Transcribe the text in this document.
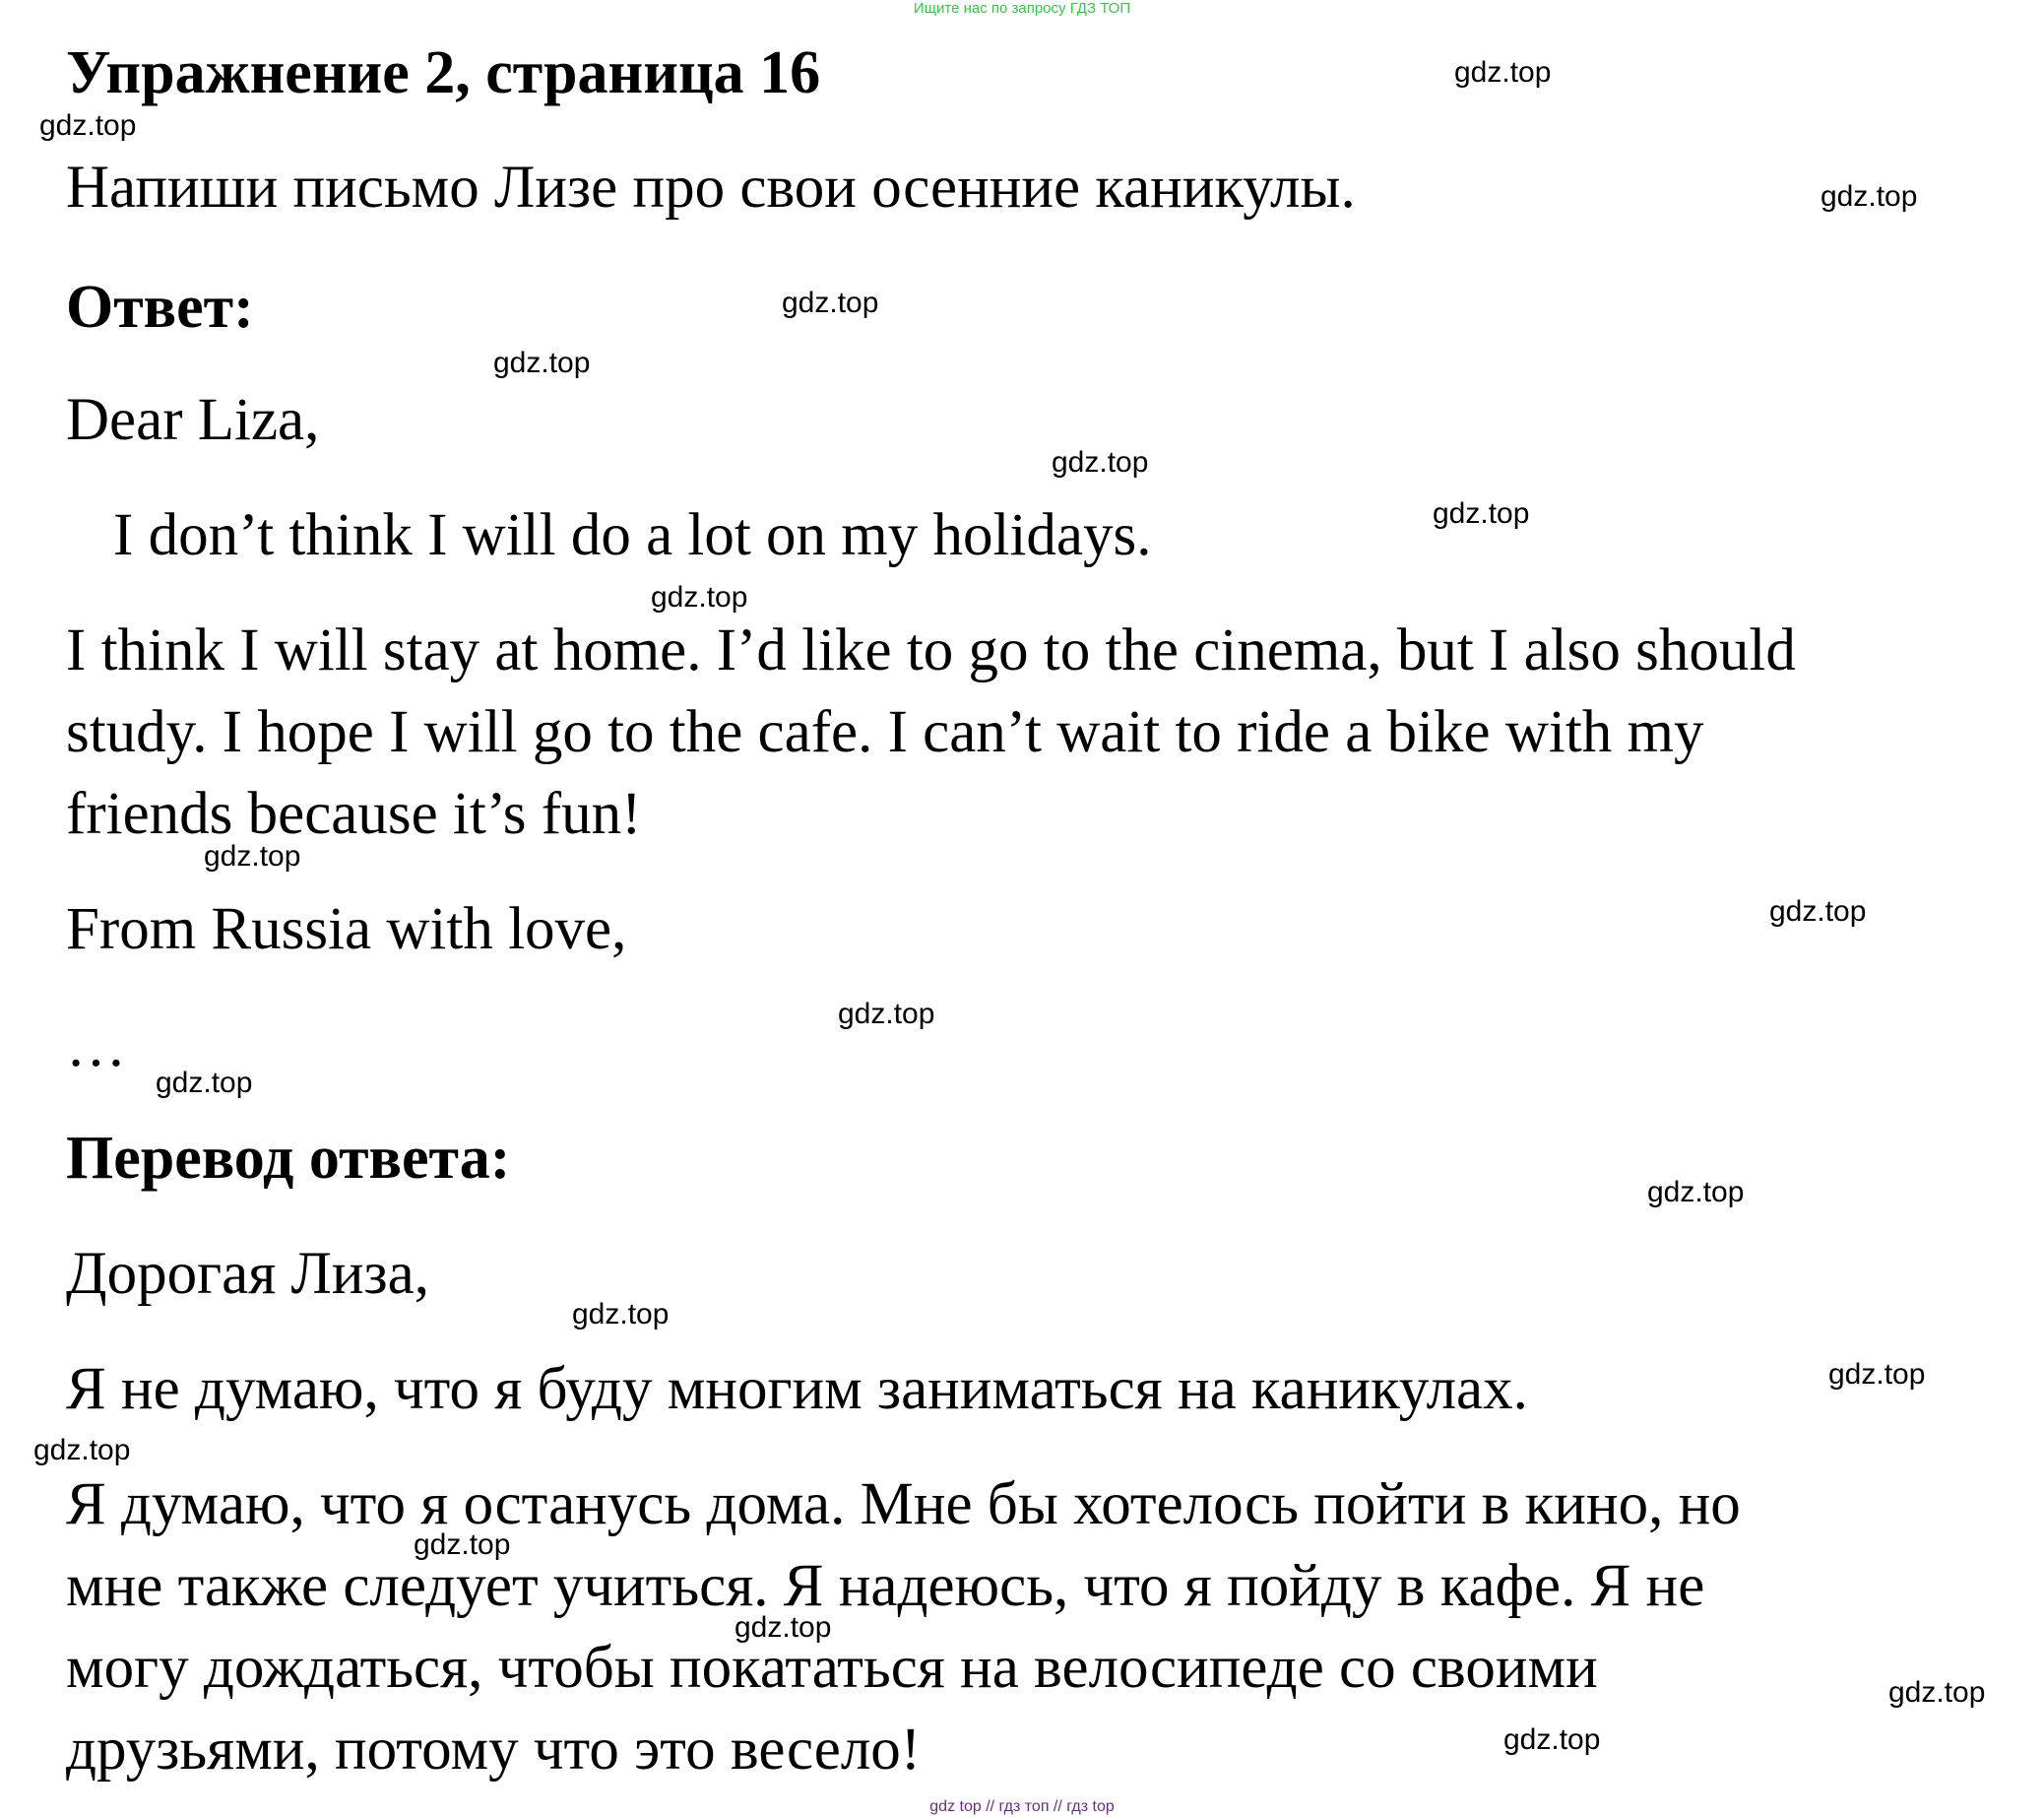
Ищите нас по запросу ГДЗ ТОП
Упражнение 2, страница 16
Напиши письмо Лизе про свои осенние каникулы.
Ответ:
Dear Liza,
I don’t think I will do a lot on my holidays.
I think I will stay at home. I’d like to go to the cinema, but I also should
study. I hope I will go to the cafe. I can’t wait to ride a bike with my
friends because it’s fun!
From Russia with love,
…
Перевод ответа:
Дорогая Лиза,
Я не думаю, что я буду многим заниматься на каникулах.
Я думаю, что я останусь дома. Мне бы хотелось пойти в кино, но
мне также следует учиться. Я надеюсь, что я пойду в кафе. Я не
могу дождаться, чтобы покататься на велосипеде со своими
друзьями, потому что это весело!
gdz.top
gdz.top
gdz.top
gdz.top
gdz.top
gdz.top
gdz.top
gdz.top
gdz.top
gdz.top
gdz.top
gdz.top
gdz.top
gdz.top
gdz.top
gdz.top
gdz.top
gdz.top
gdz.top
gdz.top
gdz top // гдз топ // гдз top
